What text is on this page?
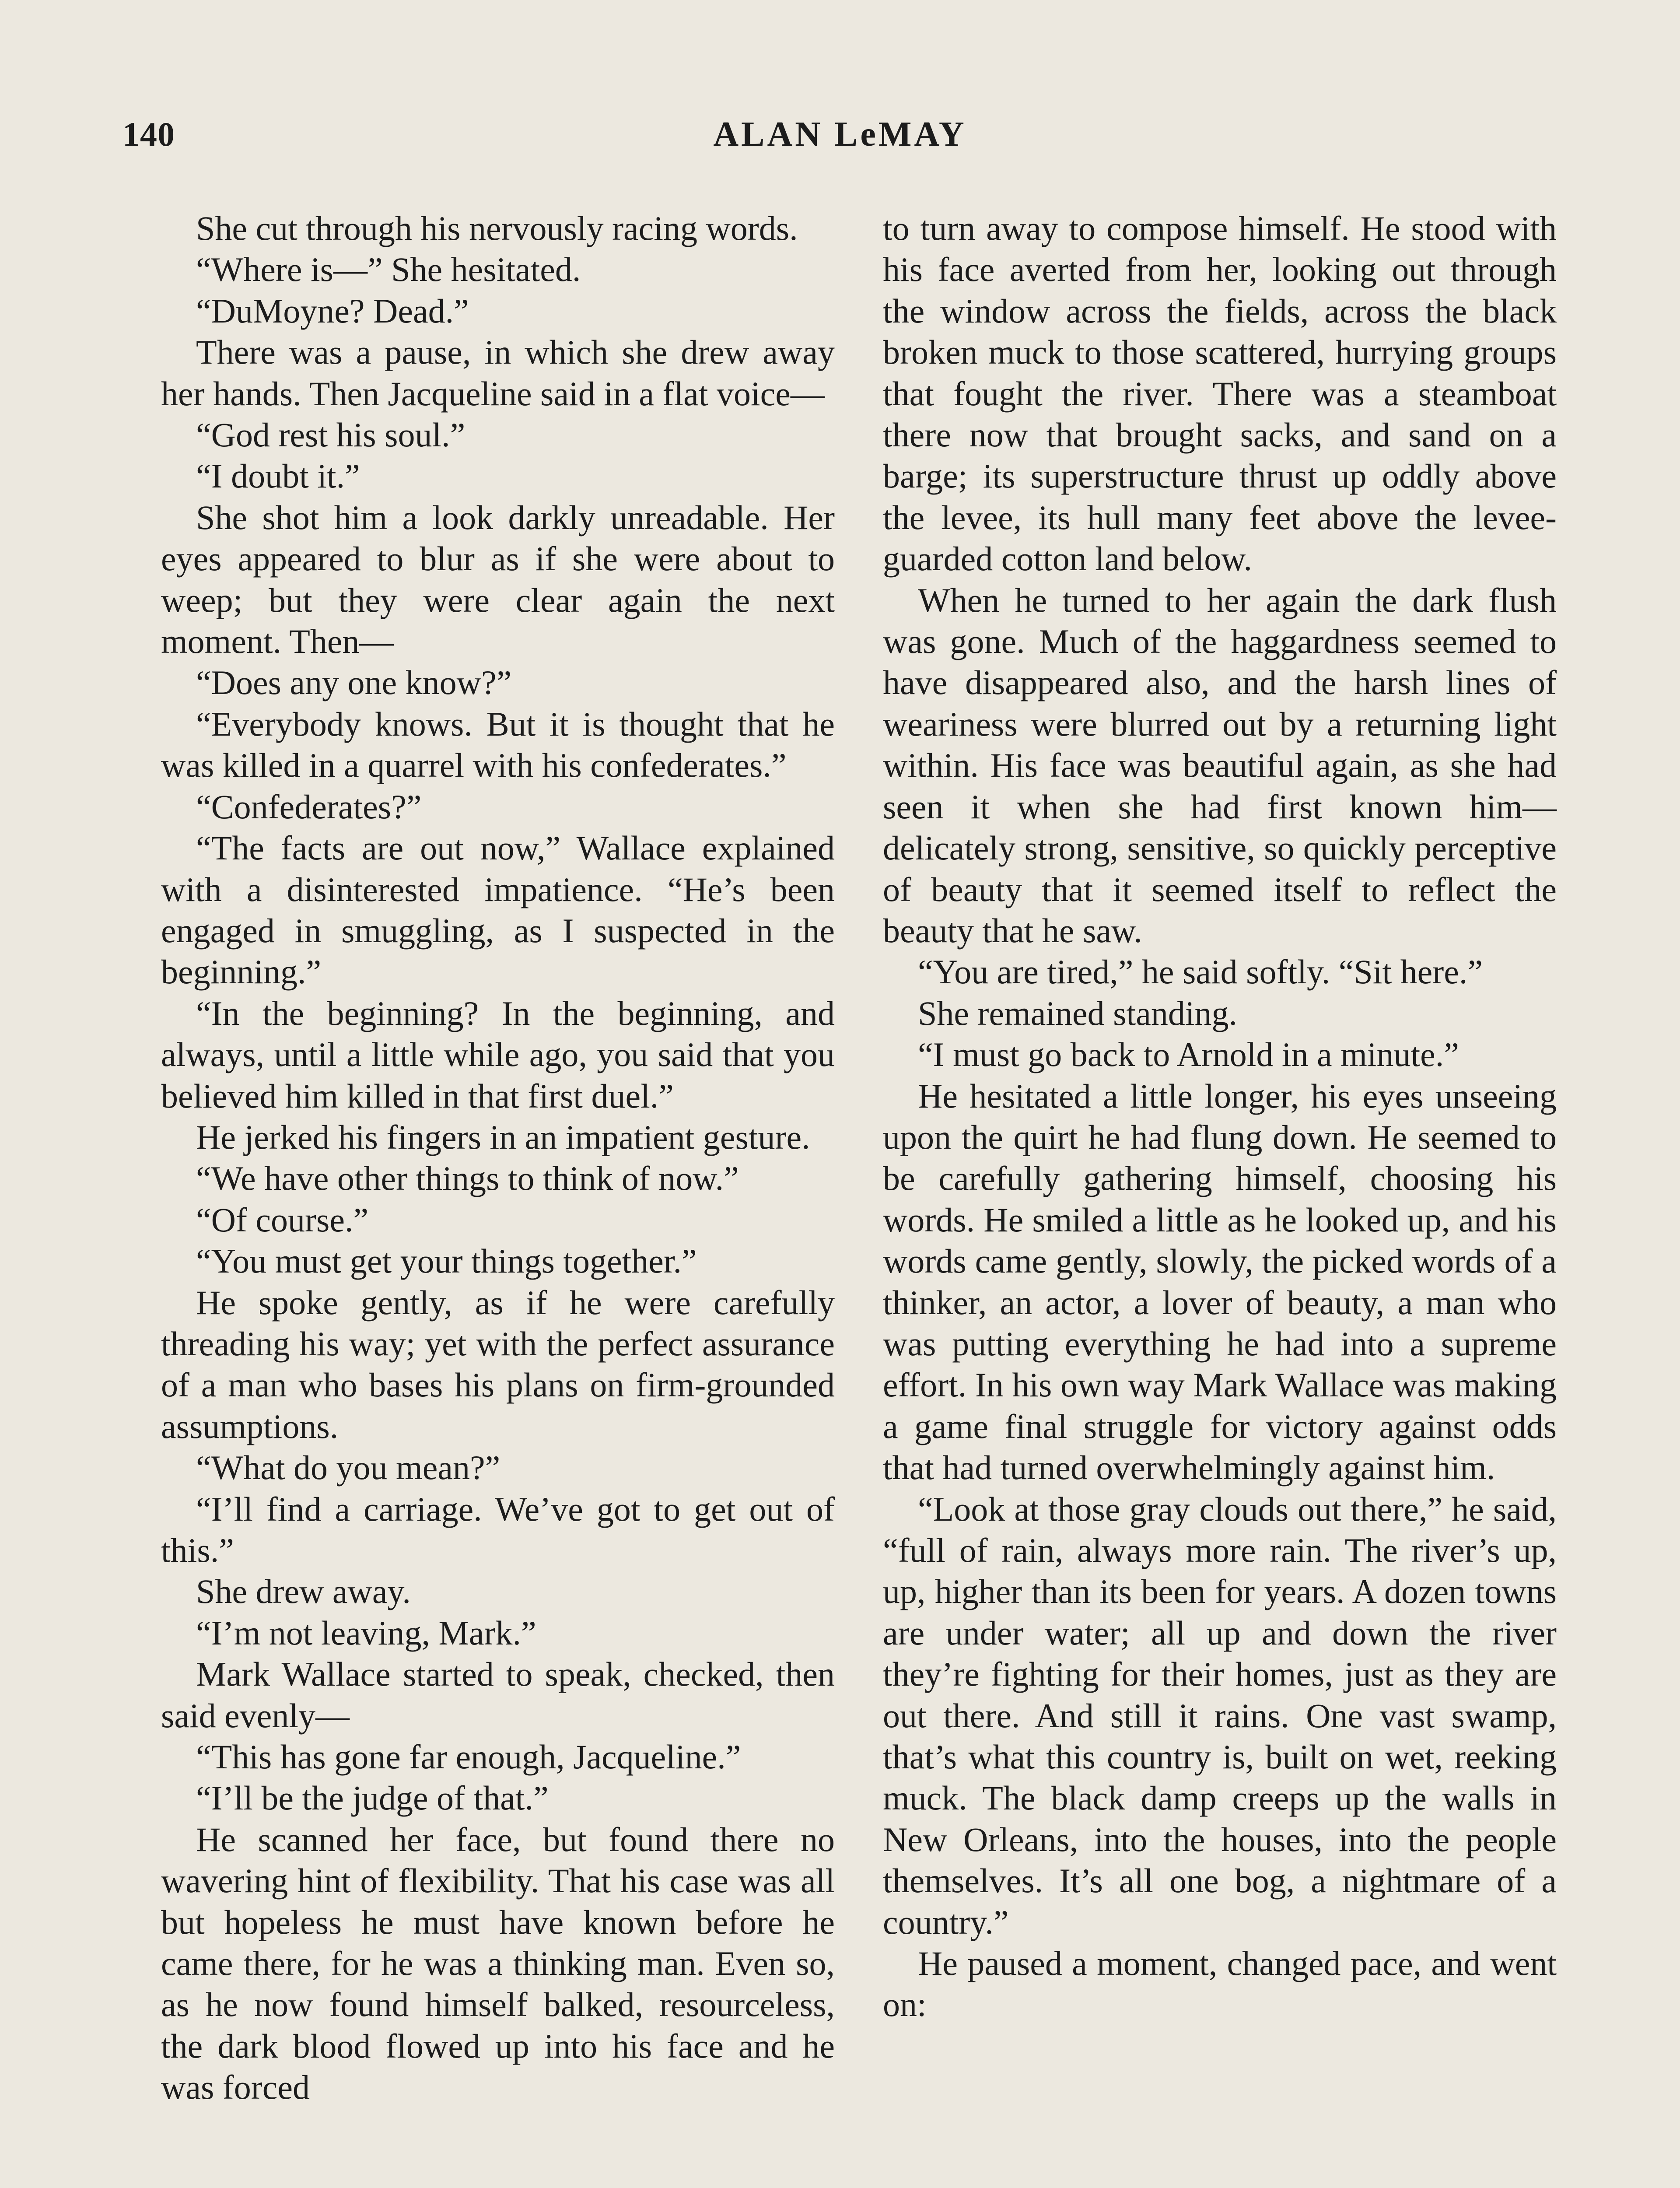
140	ALAN LeMAY

She cut through his nervously racing words.

“Where is—” She hesitated.

“DuMoyne? Dead.”

There was a pause, in which she drew away her hands. Then Jacqueline said in a flat voice—

“God rest his soul.”

“I doubt it.”

She shot him a look darkly unreadable. Her eyes appeared to blur as if she were about to weep; but they were clear again the next moment. Then—

“Does any one know?”

“Everybody knows. But it is thought that he was killed in a quarrel with his confederates.”

“Confederates?”

“The facts are out now,” Wallace explained with a disinterested impatience. “He’s been engaged in smuggling, as I suspected in the beginning.”

“In the beginning? In the beginning, and always, until a little while ago, you said that you believed him killed in that first duel.”

He jerked his fingers in an impatient gesture.

“We have other things to think of now.”

“Of course.”

“You must get your things together.”

He spoke gently, as if he were carefully threading his way; yet with the perfect assurance of a man who bases his plans on firm-grounded assumptions.

“What do you mean?”

“I’ll find a carriage. We’ve got to get out of this.”

She drew away.

“I’m not leaving, Mark.”

Mark Wallace started to speak, checked, then said evenly—

“This has gone far enough, Jacqueline.”

“I’ll be the judge of that.”

He scanned her face, but found there no wavering hint of flexibility. That his case was all but hopeless he must have known before he came there, for he was a thinking man. Even so, as he now found himself balked, resourceless, the dark blood flowed up into his face and he was forced

to turn away to compose himself. He stood with his face averted from her, looking out through the window across the fields, across the black broken muck to those scattered, hurrying groups that fought the river. There was a steamboat there now that brought sacks, and sand on a barge; its superstructure thrust up oddly above the levee, its hull many feet above the levee-guarded cotton land below.

When he turned to her again the dark flush was gone. Much of the haggardness seemed to have disappeared also, and the harsh lines of weariness were blurred out by a returning light within. His face was beautiful again, as she had seen it when she had first known him—delicately strong, sensitive, so quickly perceptive of beauty that it seemed itself to reflect the beauty that he saw.

“You are tired,” he said softly. “Sit here.”

She remained standing.

“I must go back to Arnold in a minute.”

He hesitated a little longer, his eyes unseeing upon the quirt he had flung down. He seemed to be carefully gathering himself, choosing his words. He smiled a little as he looked up, and his words came gently, slowly, the picked words of a thinker, an actor, a lover of beauty, a man who was putting everything he had into a supreme effort. In his own way Mark Wallace was making a game final struggle for victory against odds that had turned overwhelmingly against him.

“Look at those gray clouds out there,” he said, “full of rain, always more rain. The river’s up, up, higher than its been for years. A dozen towns are under water; all up and down the river they’re fighting for their homes, just as they are out there. And still it rains. One vast swamp, that’s what this country is, built on wet, reeking muck. The black damp creeps up the walls in New Orleans, into the houses, into the people themselves. It’s all one bog, a nightmare of a country.”

He paused a moment, changed pace, and went on:
